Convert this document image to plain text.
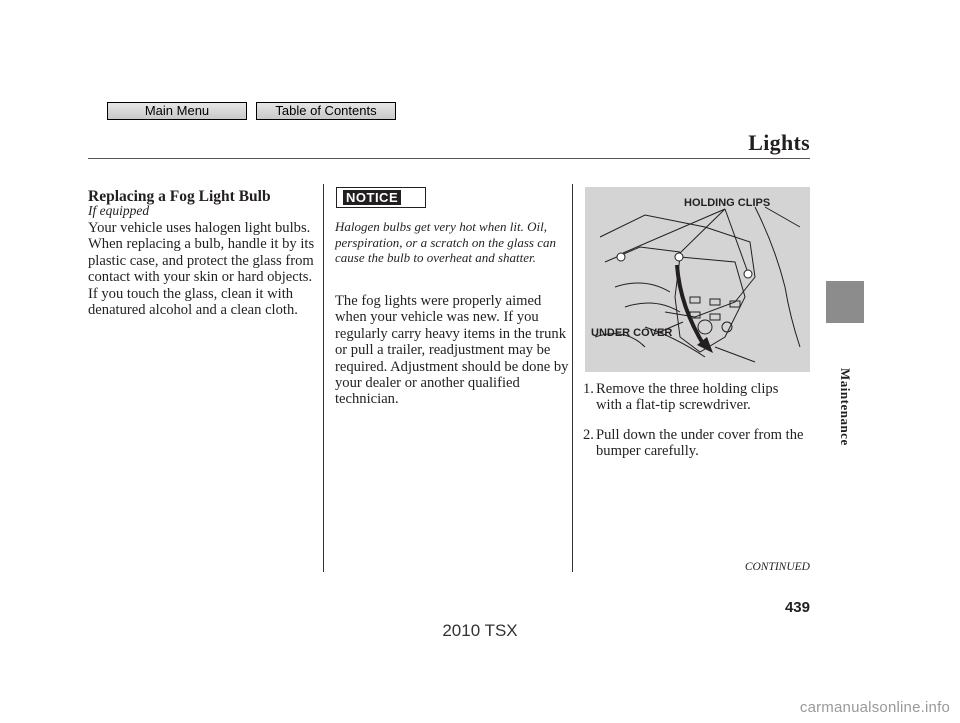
Main Menu	Table of Contents
Lights
Replacing a Fog Light Bulb
If equipped
Your vehicle uses halogen light bulbs. When replacing a bulb, handle it by its plastic case, and protect the glass from contact with your skin or hard objects. If you touch the glass, clean it with denatured alcohol and a clean cloth.
NOTICE
Halogen bulbs get very hot when lit. Oil, perspiration, or a scratch on the glass can cause the bulb to overheat and shatter.
The fog lights were properly aimed when your vehicle was new. If you regularly carry heavy items in the trunk or pull a trailer, readjustment may be required. Adjustment should be done by your dealer or another qualified technician.
HOLDING CLIPS
UNDER COVER
1. Remove the three holding clips with a flat-tip screwdriver.
2. Pull down the under cover from the bumper carefully.
CONTINUED
Maintenance
439
2010 TSX
carmanualsonline.info
